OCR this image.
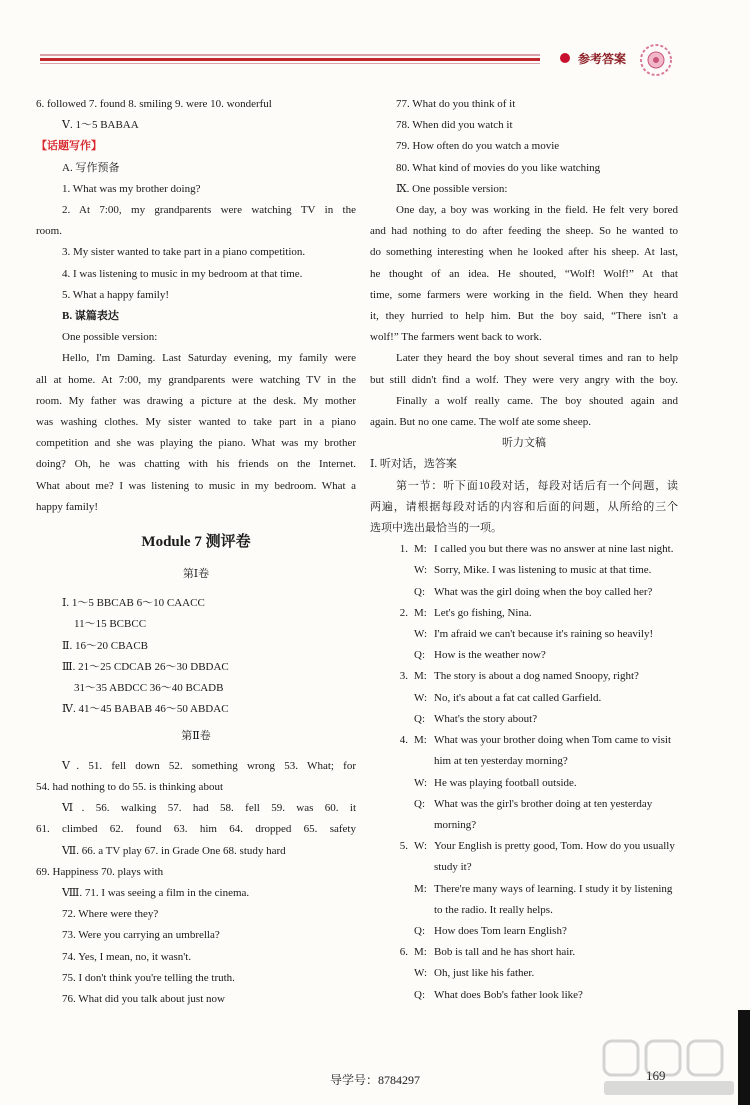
参考答案
6. followed 7. found 8. smiling 9. were 10. wonderful
Ⅴ. 1～5 BABAA
【话题写作】
A. 写作预备
1. What was my brother doing?
2. At 7:00, my grandparents were watching TV in the
room.
3. My sister wanted to take part in a piano competition.
4. I was listening to music in my bedroom at that time.
5. What a happy family!
B. 谋篇表达
One possible version:
Hello, I'm Daming. Last Saturday evening, my family were
all at home. At 7:00, my grandparents were watching TV in the
room. My father was drawing a picture at the desk. My mother
was washing clothes. My sister wanted to take part in a piano
competition and she was playing the piano. What was my brother
doing? Oh, he was chatting with his friends on the Internet.
What about me? I was listening to music in my bedroom. What a
happy family!
Module 7 测评卷
第Ⅰ卷
Ⅰ. 1～5 BBCAB 6～10 CAACC
11～15 BCBCC
Ⅱ. 16～20 CBACB
Ⅲ. 21～25 CDCAB 26～30 DBDAC
31～35 ABDCC 36～40 BCADB
Ⅳ. 41～45 BABAB 46～50 ABDAC
第Ⅱ卷
Ⅴ. 51. fell down 52. something wrong 53. What; for
54. had nothing to do 55. is thinking about
Ⅵ. 56. walking 57. had 58. fell 59. was 60. it
61. climbed 62. found 63. him 64. dropped 65. safety
Ⅶ. 66. a TV play 67. in Grade One 68. study hard
69. Happiness 70. plays with
Ⅷ. 71. I was seeing a film in the cinema.
72. Where were they?
73. Were you carrying an umbrella?
74. Yes, I mean, no, it wasn't.
75. I don't think you're telling the truth.
76. What did you talk about just now
77. What do you think of it
78. When did you watch it
79. How often do you watch a movie
80. What kind of movies do you like watching
Ⅸ. One possible version:
One day, a boy was working in the field. He felt very bored
and had nothing to do after feeding the sheep. So he wanted to
do something interesting when he looked after his sheep. At last,
he thought of an idea. He shouted, “Wolf! Wolf!” At that
time, some farmers were working in the field. When they heard
it, they hurried to help him. But the boy said, “There isn't a
wolf!” The farmers went back to work.
Later they heard the boy shout several times and ran to help
but still didn't find a wolf. They were very angry with the boy.
Finally a wolf really came. The boy shouted again and
again. But no one came. The wolf ate some sheep.
听力文稿
Ⅰ. 听对话，选答案
第一节：听下面10段对话，每段对话后有一个问题，读
两遍，请根据每段对话的内容和后面的问题，从所给的三个
选项中选出最恰当的一项。
1. M: I called you but there was no answer at nine last night.
W: Sorry, Mike. I was listening to music at that time.
Q: What was the girl doing when the boy called her?
2. M: Let's go fishing, Nina.
W: I'm afraid we can't because it's raining so heavily!
Q: How is the weather now?
3. M: The story is about a dog named Snoopy, right?
W: No, it's about a fat cat called Garfield.
Q: What's the story about?
4. M: What was your brother doing when Tom came to visit him at ten yesterday morning?
W: He was playing football outside.
Q: What was the girl's brother doing at ten yesterday morning?
5. W: Your English is pretty good, Tom. How do you usually study it?
M: There're many ways of learning. I study it by listening to the radio. It really helps.
Q: How does Tom learn English?
6. M: Bob is tall and he has short hair.
W: Oh, just like his father.
Q: What does Bob's father look like?
导学号：8784297	169
